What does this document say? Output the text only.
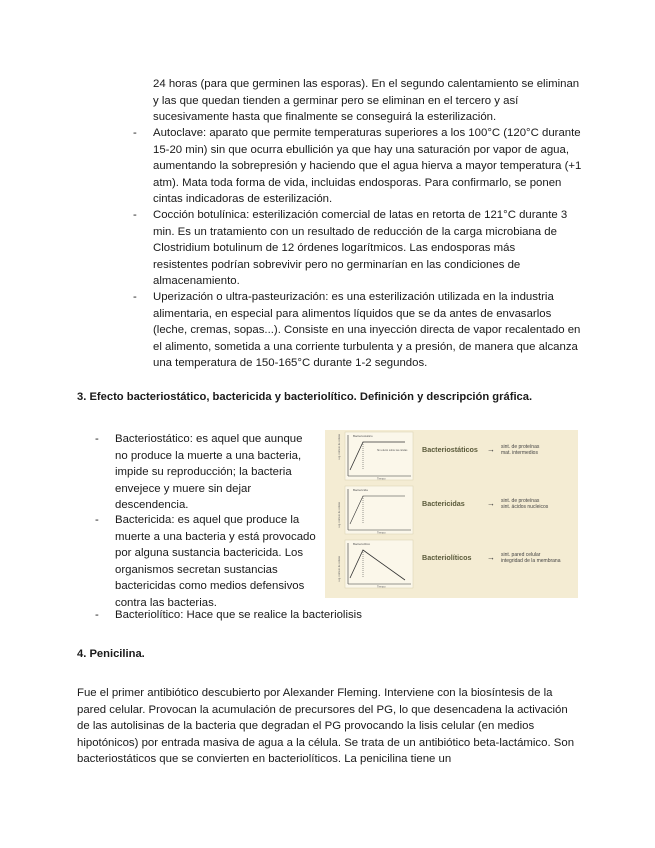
24 horas (para que germinen las esporas). En el segundo calentamiento se eliminan y las que quedan tienden a germinar pero se eliminan en el tercero y así sucesivamente hasta que finalmente se conseguirá la esterilización.
-	Autoclave: aparato que permite temperaturas superiores a los 100°C (120°C durante 15-20 min) sin que ocurra ebullición ya que hay una saturación por vapor de agua, aumentando la sobrepresión y haciendo que el agua hierva a mayor temperatura (+1 atm). Mata toda forma de vida, incluidas endosporas. Para confirmarlo, se ponen cintas indicadoras de esterilización.
-	Cocción botulínica: esterilización comercial de latas en retorta de 121°C durante 3 min. Es un tratamiento con un resultado de reducción de la carga microbiana de Clostridium botulinum de 12 órdenes logarítmicos. Las endosporas más resistentes podrían sobrevivir pero no germinarían en las condiciones de almacenamiento.
-	Uperización o ultra-pasteurización: es una esterilización utilizada en la industria alimentaria, en especial para alimentos líquidos que se da antes de envasarlos (leche, cremas, sopas...). Consiste en una inyección directa de vapor recalentado en el alimento, sometida a una corriente turbulenta y a presión, de manera que alcanza una temperatura de 150-165°C durante 1-2 segundos.
3. Efecto bacteriostático, bactericida y bacteriolítico. Definición y descripción gráfica.
-	Bacteriostático: es aquel que aunque no produce la muerte a una bacteria, impide su reproducción; la bacteria envejece y muere sin dejar descendencia.
-	Bactericida: es aquel que produce la muerte a una bacteria y está provocado por alguna sustancia bactericida. Los organismos secretan sustancias bactericidas como medios defensivos contra las bacterias.
-	Bacteriolítico: Hace que se realice la bacteriolisis
Bacteriostático
Log. número de células	Sin efecto sobre las células
Tiempo
Bacteriostáticos → sint. de proteínas
mat. intermedios
Bactericida
Log. número de células
Tiempo
Bactericidas	→ sint. de proteínas
sint. ácidos nucleicos
Bacteriolítico
Log. número de células
Tiempo
Bacteriolíticos → sint. pared celular
integridad de la membrana
4. Penicilina.
Fue el primer antibiótico descubierto por Alexander Fleming. Interviene con la biosíntesis de la pared celular. Provocan la acumulación de precursores del PG, lo que desencadena la activación de las autolisinas de la bacteria que degradan el PG provocando la lisis celular (en medios hipotónicos) por entrada masiva de agua a la célula. Se trata de un antibiótico beta-lactámico. Son bacteriostáticos que se convierten en bacteriolíticos. La penicilina tiene un
